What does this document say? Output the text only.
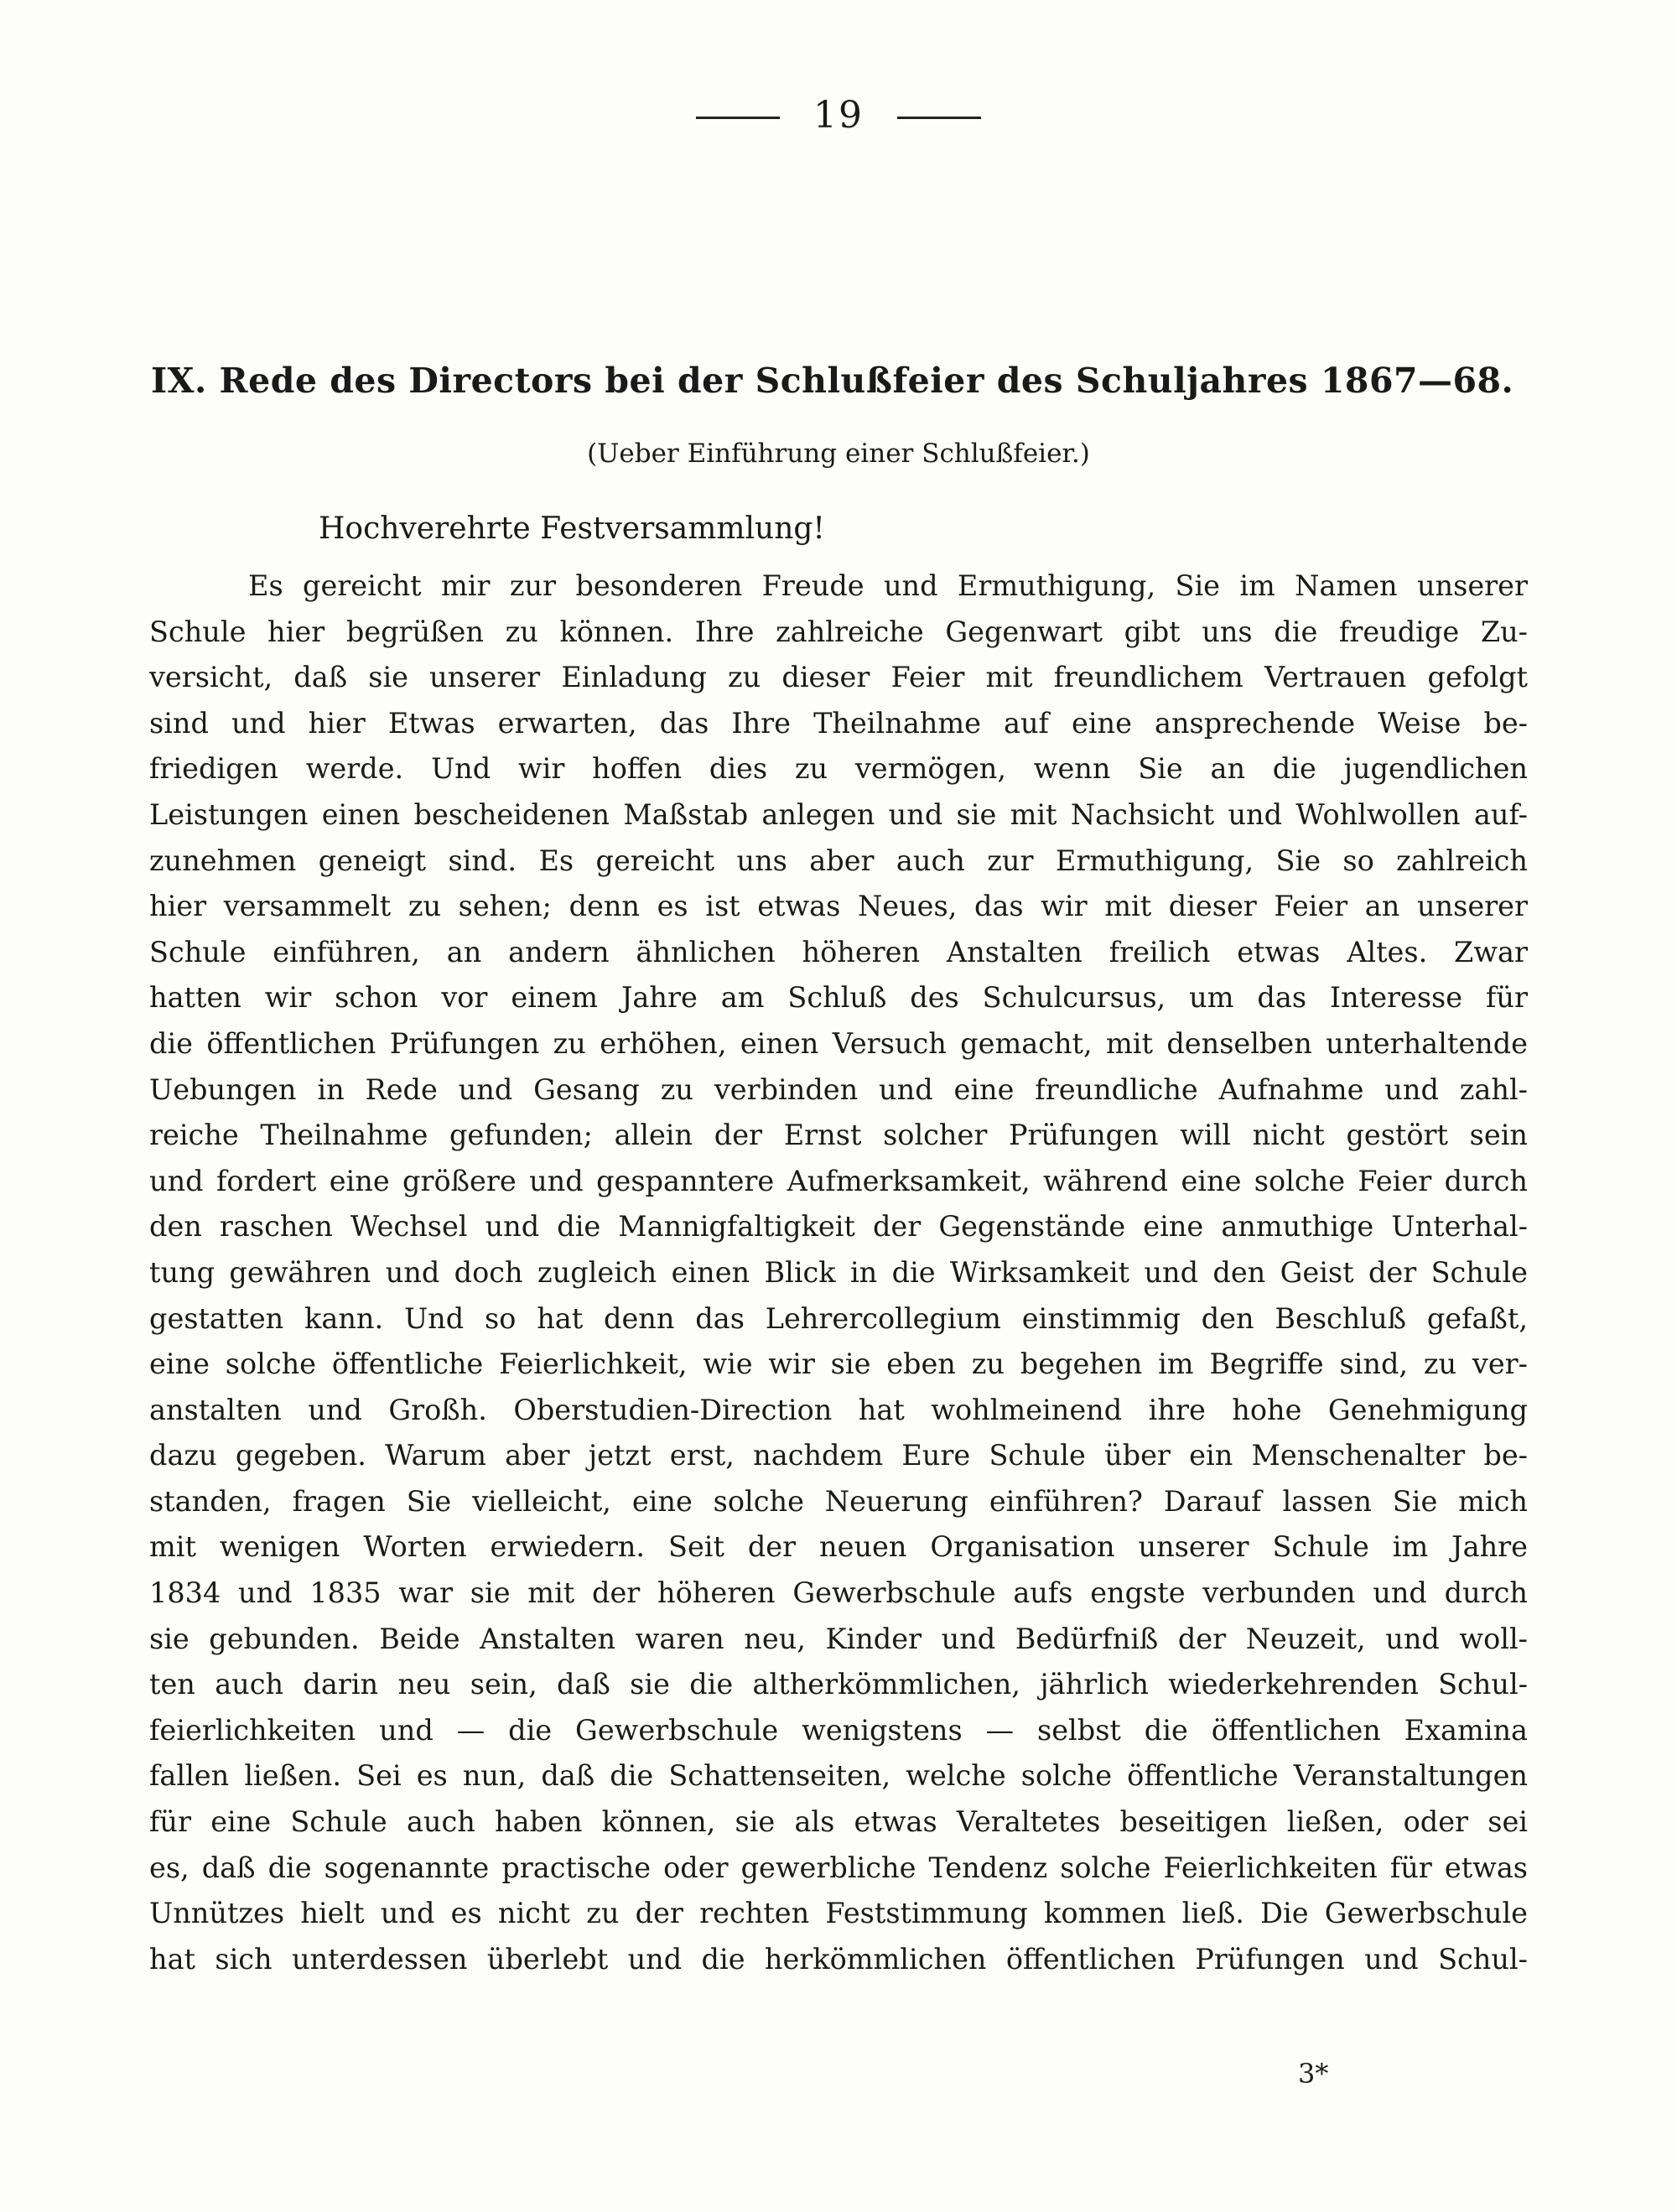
19
IX. Rede des Directors bei der Schlußfeier des Schuljahres 1867—68.
(Ueber Einführung einer Schlußfeier.)
Hochverehrte Festversammlung!
Es gereicht mir zur besonderen Freude und Ermuthigung, Sie im Namen unserer
Schule hier begrüßen zu können. Ihre zahlreiche Gegenwart gibt uns die freudige Zu-
versicht, daß sie unserer Einladung zu dieser Feier mit freundlichem Vertrauen gefolgt
sind und hier Etwas erwarten, das Ihre Theilnahme auf eine ansprechende Weise be-
friedigen werde. Und wir hoffen dies zu vermögen, wenn Sie an die jugendlichen
Leistungen einen bescheidenen Maßstab anlegen und sie mit Nachsicht und Wohlwollen auf-
zunehmen geneigt sind. Es gereicht uns aber auch zur Ermuthigung, Sie so zahlreich
hier versammelt zu sehen; denn es ist etwas Neues, das wir mit dieser Feier an unserer
Schule einführen, an andern ähnlichen höheren Anstalten freilich etwas Altes. Zwar
hatten wir schon vor einem Jahre am Schluß des Schulcursus, um das Interesse für
die öffentlichen Prüfungen zu erhöhen, einen Versuch gemacht, mit denselben unterhaltende
Uebungen in Rede und Gesang zu verbinden und eine freundliche Aufnahme und zahl-
reiche Theilnahme gefunden; allein der Ernst solcher Prüfungen will nicht gestört sein
und fordert eine größere und gespanntere Aufmerksamkeit, während eine solche Feier durch
den raschen Wechsel und die Mannigfaltigkeit der Gegenstände eine anmuthige Unterhal-
tung gewähren und doch zugleich einen Blick in die Wirksamkeit und den Geist der Schule
gestatten kann. Und so hat denn das Lehrercollegium einstimmig den Beschluß gefaßt,
eine solche öffentliche Feierlichkeit, wie wir sie eben zu begehen im Begriffe sind, zu ver-
anstalten und Großh. Oberstudien-Direction hat wohlmeinend ihre hohe Genehmigung
dazu gegeben. Warum aber jetzt erst, nachdem Eure Schule über ein Menschenalter be-
standen, fragen Sie vielleicht, eine solche Neuerung einführen? Darauf lassen Sie mich
mit wenigen Worten erwiedern. Seit der neuen Organisation unserer Schule im Jahre
1834 und 1835 war sie mit der höheren Gewerbschule aufs engste verbunden und durch
sie gebunden. Beide Anstalten waren neu, Kinder und Bedürfniß der Neuzeit, und woll-
ten auch darin neu sein, daß sie die altherkömmlichen, jährlich wiederkehrenden Schul-
feierlichkeiten und — die Gewerbschule wenigstens — selbst die öffentlichen Examina
fallen ließen. Sei es nun, daß die Schattenseiten, welche solche öffentliche Veranstaltungen
für eine Schule auch haben können, sie als etwas Veraltetes beseitigen ließen, oder sei
es, daß die sogenannte practische oder gewerbliche Tendenz solche Feierlichkeiten für etwas
Unnützes hielt und es nicht zu der rechten Feststimmung kommen ließ. Die Gewerbschule
hat sich unterdessen überlebt und die herkömmlichen öffentlichen Prüfungen und Schul-
3*
